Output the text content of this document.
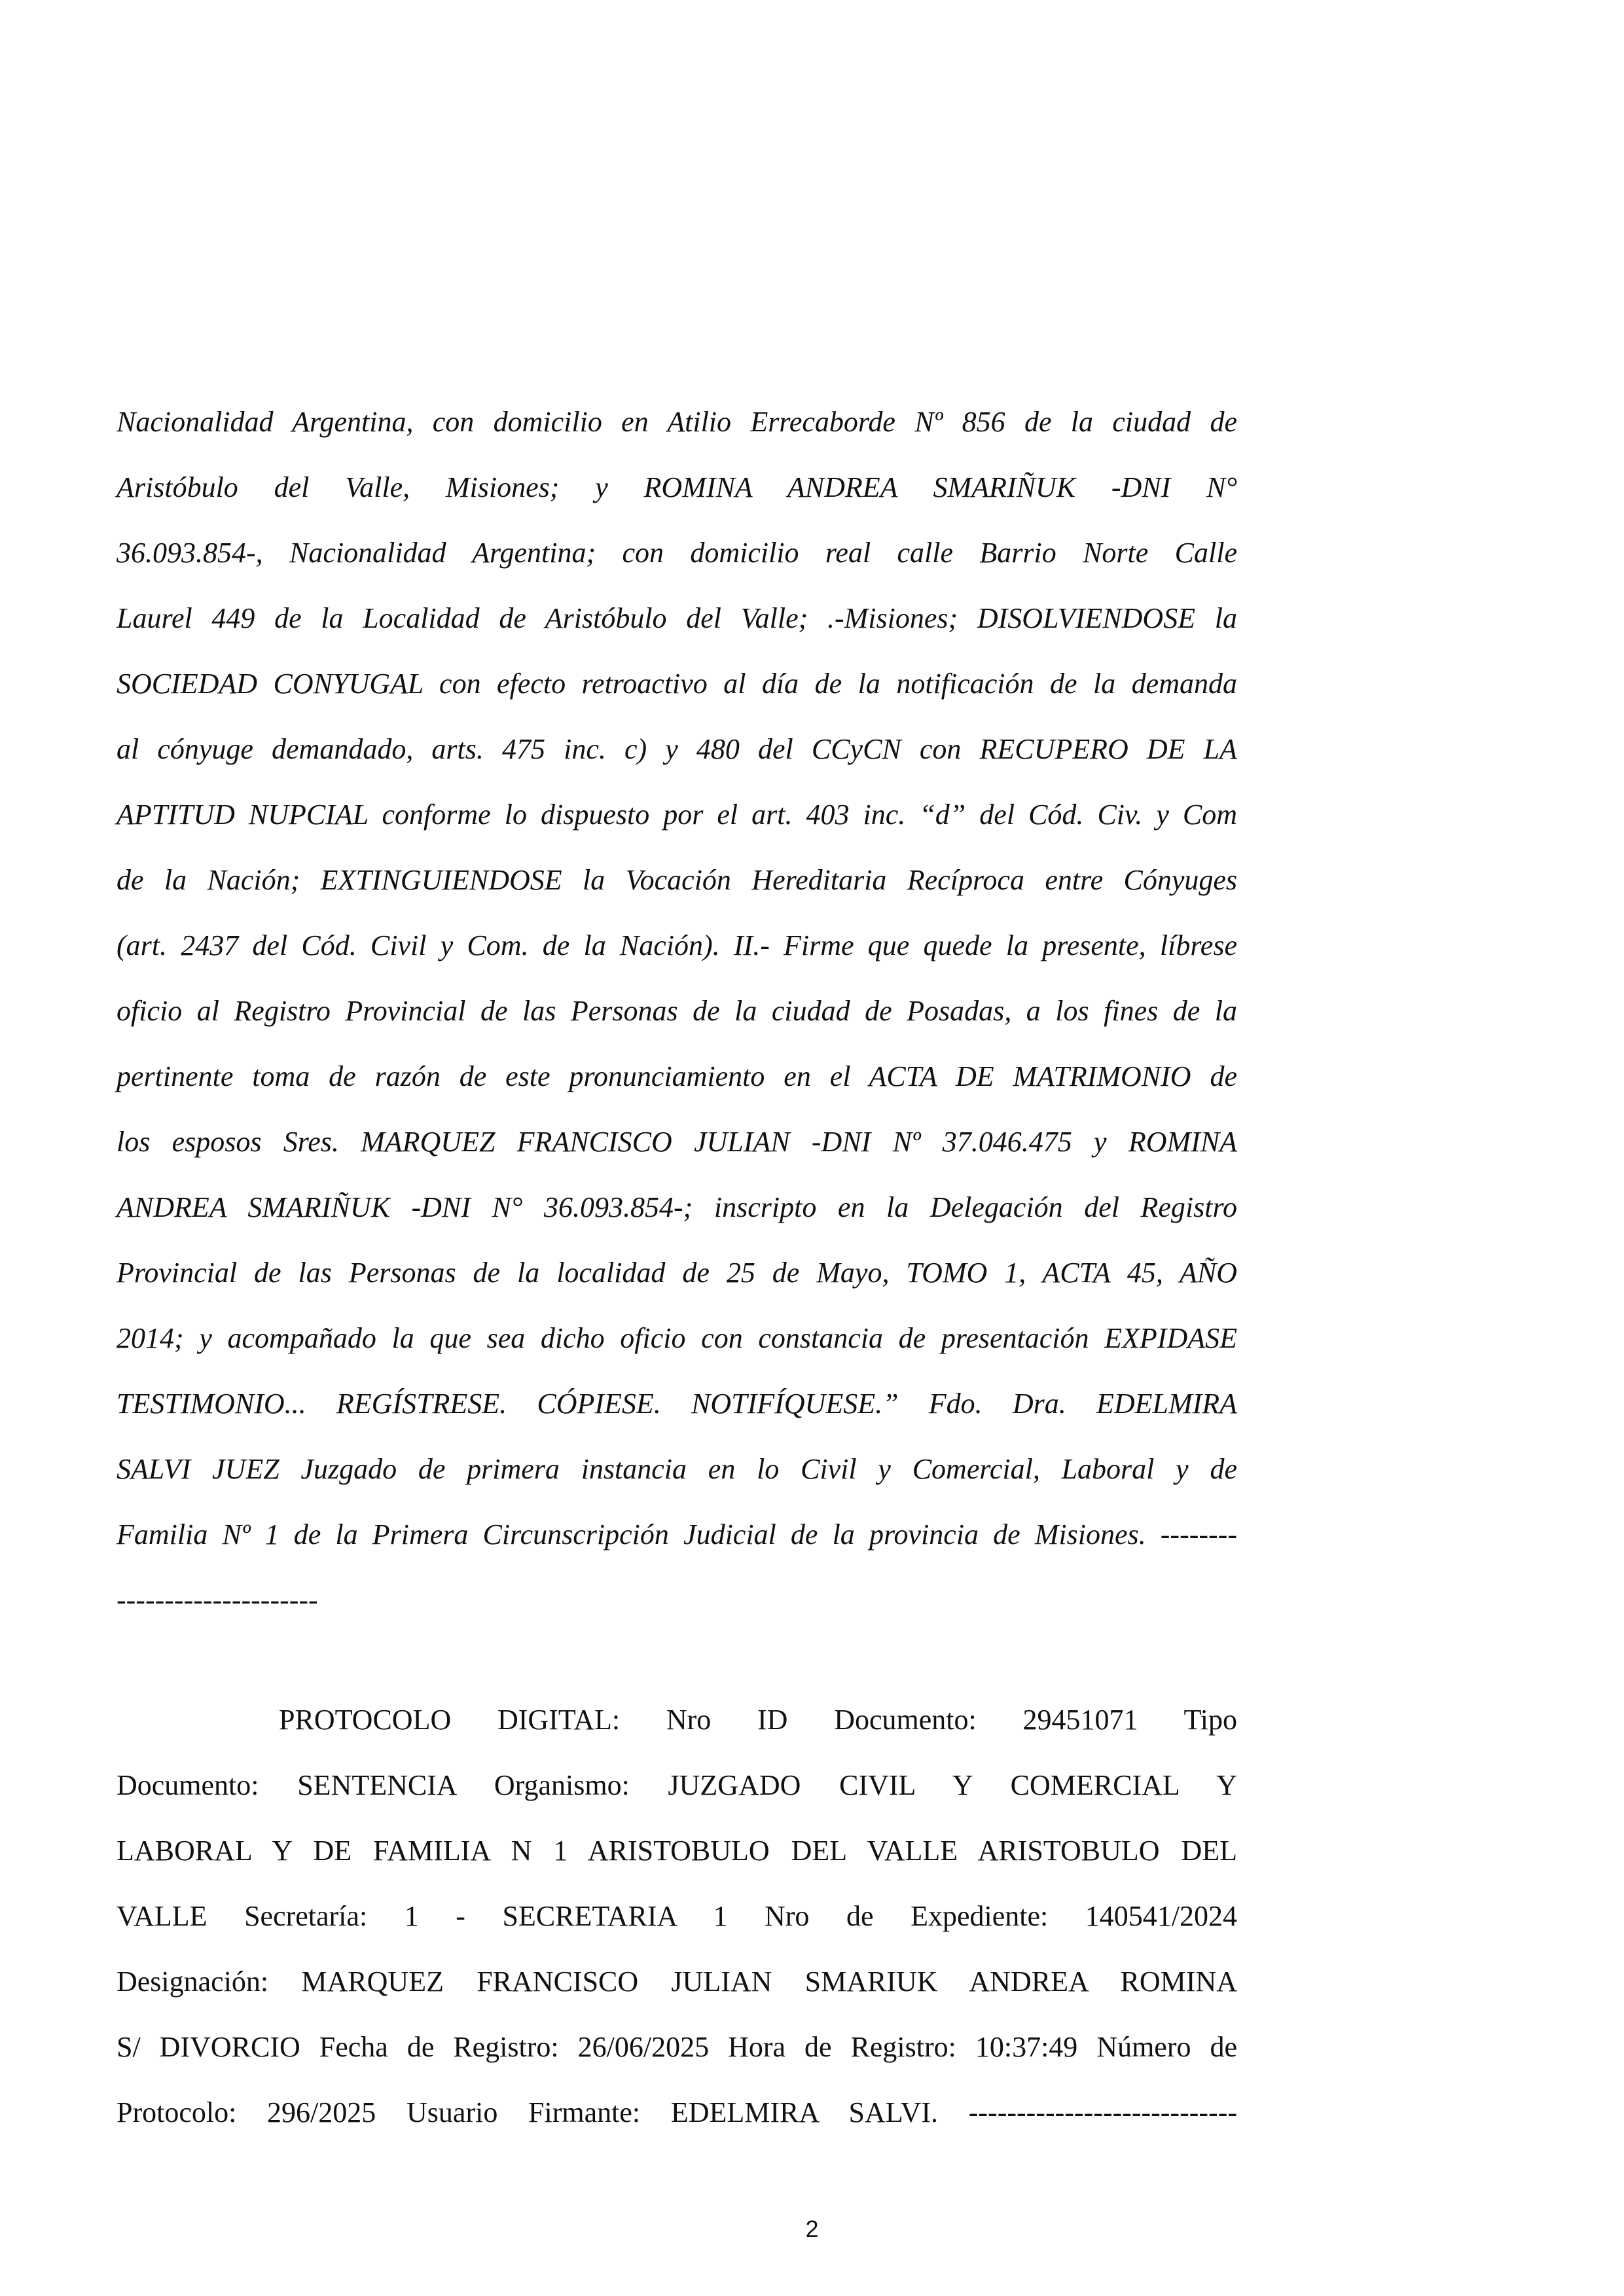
Nacionalidad Argentina, con domicilio en Atilio Errecaborde Nº 856 de la ciudad de
Aristóbulo del Valle, Misiones; y ROMINA ANDREA SMARIÑUK -DNI N°
36.093.854-, Nacionalidad Argentina; con domicilio real calle Barrio Norte Calle
Laurel 449 de la Localidad de Aristóbulo del Valle; .-Misiones; DISOLVIENDOSE la
SOCIEDAD CONYUGAL con efecto retroactivo al día de la notificación de la demanda
al cónyuge demandado, arts. 475 inc. c) y 480 del CCyCN con RECUPERO DE LA
APTITUD NUPCIAL conforme lo dispuesto por el art. 403 inc. “d” del Cód. Civ. y Com
de la Nación; EXTINGUIENDOSE la Vocación Hereditaria Recíproca entre Cónyuges
(art. 2437 del Cód. Civil y Com. de la Nación). II.- Firme que quede la presente, líbrese
oficio al Registro Provincial de las Personas de la ciudad de Posadas, a los fines de la
pertinente toma de razón de este pronunciamiento en el ACTA DE MATRIMONIO de
los esposos Sres. MARQUEZ FRANCISCO JULIAN -DNI Nº 37.046.475 y ROMINA
ANDREA SMARIÑUK -DNI N° 36.093.854-; inscripto en la Delegación del Registro
Provincial de las Personas de la localidad de 25 de Mayo, TOMO 1, ACTA 45, AÑO
2014; y acompañado la que sea dicho oficio con constancia de presentación EXPIDASE
TESTIMONIO... REGÍSTRESE. CÓPIESE. NOTIFÍQUESE.” Fdo. Dra. EDELMIRA
SALVI JUEZ Juzgado de primera instancia en lo Civil y Comercial, Laboral y de
Familia Nº 1 de la Primera Circunscripción Judicial de la provincia de Misiones. --------
---------------------
PROTOCOLO DIGITAL: Nro ID Documento: 29451071 Tipo
Documento: SENTENCIA Organismo: JUZGADO CIVIL Y COMERCIAL Y
LABORAL Y DE FAMILIA N 1 ARISTOBULO DEL VALLE ARISTOBULO DEL
VALLE Secretaría: 1 - SECRETARIA 1 Nro de Expediente: 140541/2024
Designación: MARQUEZ FRANCISCO JULIAN SMARIUK ANDREA ROMINA
S/ DIVORCIO Fecha de Registro: 26/06/2025 Hora de Registro: 10:37:49 Número de
Protocolo: 296/2025 Usuario Firmante: EDELMIRA SALVI. ----------------------------
2
